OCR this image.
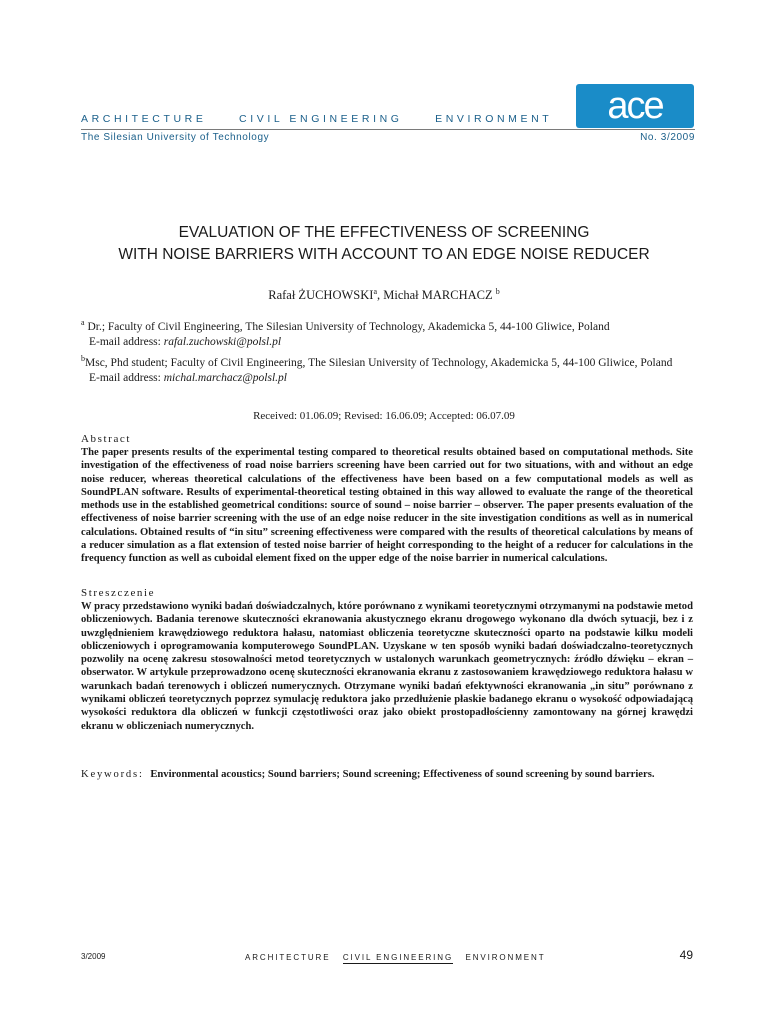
ARCHITECTURE     CIVIL ENGINEERING     ENVIRONMENT ace
The Silesian University of Technology	No. 3/2009
EVALUATION OF THE EFFECTIVENESS OF SCREENING
WITH NOISE BARRIERS WITH ACCOUNT TO AN EDGE NOISE REDUCER
Rafał ŻUCHOWSKI$^a$, Michał MARCHACZ $^b$
$^a$ Dr.; Faculty of Civil Engineering, The Silesian University of Technology, Akademicka 5, 44-100 Gliwice, Poland
E-mail address: rafal.zuchowski@polsl.pl
$^b$Msc, Phd student; Faculty of Civil Engineering, The Silesian University of Technology, Akademicka 5, 44-100 Gliwice, Poland
E-mail address: michal.marchacz@polsl.pl
Received: 01.06.09; Revised: 16.06.09; Accepted: 06.07.09
Abstract
The paper presents results of the experimental testing compared to theoretical results obtained based on computational methods. Site investigation of the effectiveness of road noise barriers screening have been carried out for two situations, with and without an edge noise reducer, whereas theoretical calculations of the effectiveness have been based on a few computational models as well as SoundPLAN software. Results of experimental-theoretical testing obtained in this way allowed to evaluate the range of the theoretical methods use in the established geometrical conditions: source of sound – noise barrier – observer. The paper presents evaluation of the effectiveness of noise barrier screening with the use of an edge noise reducer in the site investigation conditions as well as in numerical calculations. Obtained results of “in situ” screening effectiveness were compared with the results of theoretical calculations by means of a reducer simulation as a flat extension of tested noise barrier of height corresponding to the height of a reducer for calculations in the frequency function as well as cuboidal element fixed on the upper edge of the noise barrier in numerical calculations.
Streszczenie
W pracy przedstawiono wyniki badań doświadczalnych, które porównano z wynikami teoretycznymi otrzymanymi na podstawie metod obliczeniowych. Badania terenowe skuteczności ekranowania akustycznego ekranu drogowego wykonano dla dwóch sytuacji, bez i z uwzględnieniem krawędziowego reduktora hałasu, natomiast obliczenia teoretyczne skuteczności oparto na podstawie kilku modeli obliczeniowych i oprogramowania komputerowego SoundPLAN. Uzyskane w ten sposób wyniki badań doświadczalno-teoretycznych pozwoliły na ocenę zakresu stosowalności metod teoretycznych w ustalonych warunkach geometrycznych: źródło dźwięku – ekran – obserwator. W artykule przeprowadzono ocenę skuteczności ekranowania ekranu z zastosowaniem krawędziowego reduktora hałasu w warunkach badań terenowych i obliczeń numerycznych. Otrzymane wyniki badań efektywności ekranowania „in situ” porównano z wynikami obliczeń teoretycznych poprzez symulację reduktora jako przedłużenie płaskie badanego ekranu o wysokość odpowiadającą wysokości reduktora dla obliczeń w funkcji częstotliwości oraz jako obiekt prostopadłościenny zamontowany na górnej krawędzi ekranu w obliczeniach numerycznych.
Keywords: Environmental acoustics; Sound barriers; Sound screening; Effectiveness of sound screening by sound barriers.
3/2009	ARCHITECTURE   CIVIL ENGINEERING   ENVIRONMENT	49
